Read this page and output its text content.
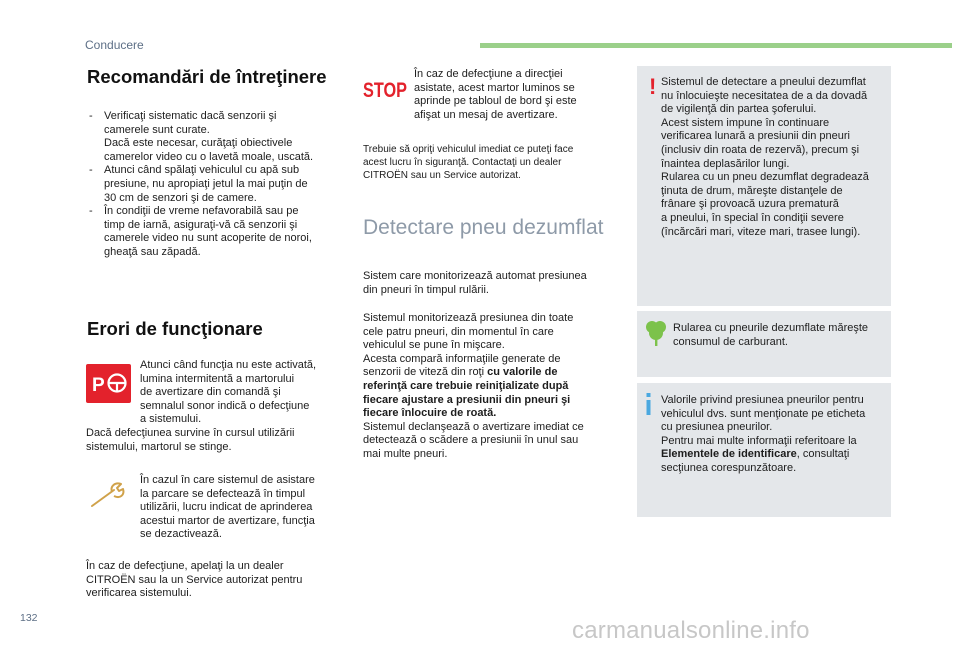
Conducere
Recomandări de întreţinere
- Verificaţi sistematic dacă senzorii şi
camerele sunt curate.
Dacă este necesar, curăţaţi obiectivele
camerelor video cu o lavetă moale, uscată.
- Atunci când spălaţi vehiculul cu apă sub
presiune, nu apropiaţi jetul la mai puţin de
30 cm de senzori şi de camere.
- În condiţii de vreme nefavorabilă sau pe
timp de iarnă, asiguraţi-vă că senzorii şi
camerele video nu sunt acoperite de noroi,
gheaţă sau zăpadă.
Erori de funcţionare
P
Atunci când funcţia nu este activată,
lumina intermitentă a martorului
de avertizare din comandă şi
semnalul sonor indică o defecţiune
a sistemului.
Dacă defecţiunea survine în cursul utilizării
sistemului, martorul se stinge.
În cazul în care sistemul de asistare
la parcare se defectează în timpul
utilizării, lucru indicat de aprinderea
acestui martor de avertizare, funcţia
se dezactivează.
În caz de defecţiune, apelaţi la un dealer
CITROËN sau la un Service autorizat pentru
verificarea sistemului.
STOP
În caz de defecţiune a direcţiei
asistate, acest martor luminos se
aprinde pe tabloul de bord şi este
afişat un mesaj de avertizare.
Trebuie să opriţi vehiculul imediat ce puteţi face
acest lucru în siguranţă. Contactaţi un dealer
CITROËN sau un Service autorizat.
Detectare pneu dezumflat
Sistem care monitorizează automat presiunea
din pneuri în timpul rulării.
Sistemul monitorizează presiunea din toate
cele patru pneuri, din momentul în care
vehiculul se pune în mişcare.
Acesta compară informaţiile generate de
senzorii de viteză din roţi cu valorile de
referinţă care trebuie reiniţializate după
fiecare ajustare a presiunii din pneuri şi
fiecare înlocuire de roată.
Sistemul declanşează o avertizare imediat ce
detectează o scădere a presiunii în unul sau
mai multe pneuri.
! Sistemul de detectare a pneului dezumflat
nu înlocuieşte necesitatea de a da dovadă
de vigilenţă din partea şoferului.
Acest sistem impune în continuare
verificarea lunară a presiunii din pneuri
(inclusiv din roata de rezervă), precum şi
înaintea deplasărilor lungi.
Rularea cu un pneu dezumflat degradează
ţinuta de drum, măreşte distanţele de
frânare şi provoacă uzura prematură
a pneului, în special în condiţii severe
(încărcări mari, viteze mari, trasee lungi).
Rularea cu pneurile dezumflate măreşte
consumul de carburant.
Valorile privind presiunea pneurilor pentru
vehiculul dvs. sunt menţionate pe eticheta
cu presiunea pneurilor.
Pentru mai multe informaţii referitoare la
Elementele de identificare, consultaţi
secţiunea corespunzătoare.
132	carmanualsonline.info
